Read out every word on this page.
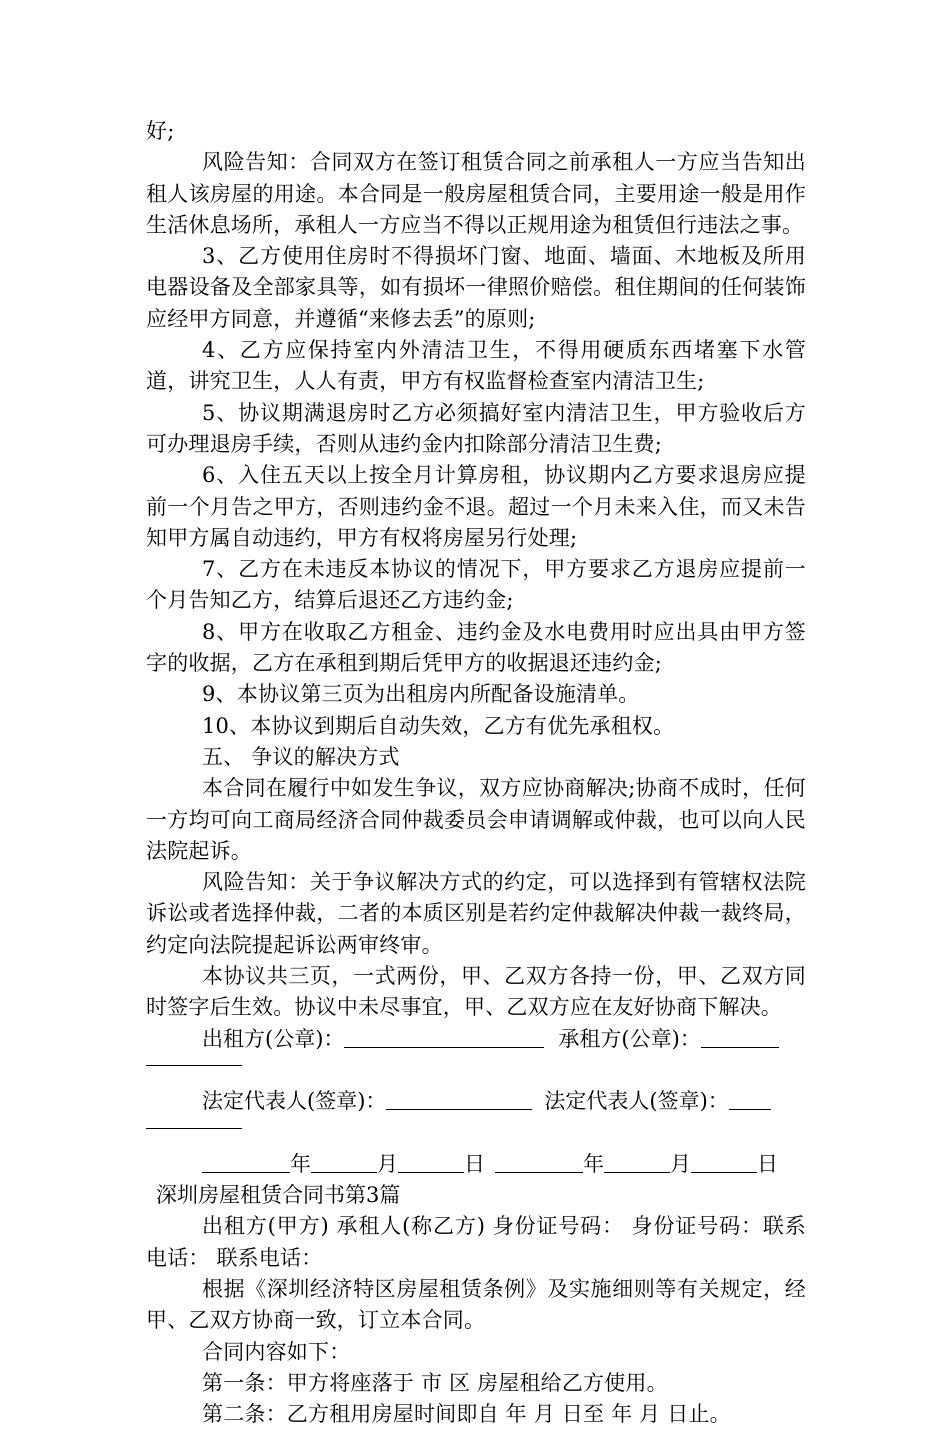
好;

风险告知：合同双方在签订租赁合同之前承租人一方应当告知出租人该房屋的用途。本合同是一般房屋租赁合同，主要用途一般是用作生活休息场所，承租人一方应当不得以正规用途为租赁但行违法之事。

3、乙方使用住房时不得损坏门窗、地面、墙面、木地板及所用电器设备及全部家具等，如有损坏一律照价赔偿。租住期间的任何装饰应经甲方同意，并遵循“来修去丢”的原则;

4、乙方应保持室内外清洁卫生，不得用硬质东西堵塞下水管道，讲究卫生，人人有责，甲方有权监督检查室内清洁卫生;

5、协议期满退房时乙方必须搞好室内清洁卫生，甲方验收后方可办理退房手续，否则从违约金内扣除部分清洁卫生费;

6、入住五天以上按全月计算房租，协议期内乙方要求退房应提前一个月告之甲方，否则违约金不退。超过一个月未来入住，而又未告知甲方属自动违约，甲方有权将房屋另行处理;

7、乙方在未违反本协议的情况下，甲方要求乙方退房应提前一个月告知乙方，结算后退还乙方违约金;

8、甲方在收取乙方租金、违约金及水电费用时应出具由甲方签字的收据，乙方在承租到期后凭甲方的收据退还违约金;

9、本协议第三页为出租房内所配备设施清单。

10、本协议到期后自动失效，乙方有优先承租权。

五、 争议的解决方式

本合同在履行中如发生争议，双方应协商解决;协商不成时，任何一方均可向工商局经济合同仲裁委员会申请调解或仲裁，也可以向人民法院起诉。

风险告知：关于争议解决方式的约定，可以选择到有管辖权法院诉讼或者选择仲裁，二者的本质区别是若约定仲裁解决仲裁一裁终局，约定向法院提起诉讼两审终审。

本协议共三页，一式两份，甲、乙双方各持一份，甲、乙双方同时签字后生效。协议中未尽事宜，甲、乙双方应在友好协商下解决。

出租方(公章)：	承租方(公章)：

法定代表人(签章)：	法定代表人(签章)：

年	月	日	年	月	日

深圳房屋租赁合同书第3篇

出租方(甲方) 承租人(称乙方) 身份证号码： 身份证号码：联系电话： 联系电话：

根据《深圳经济特区房屋租赁条例》及实施细则等有关规定，经甲、乙双方协商一致，订立本合同。

合同内容如下：

第一条：甲方将座落于 市 区 房屋租给乙方使用。

第二条：乙方租用房屋时间即自 年 月 日至 年 月 日止。
